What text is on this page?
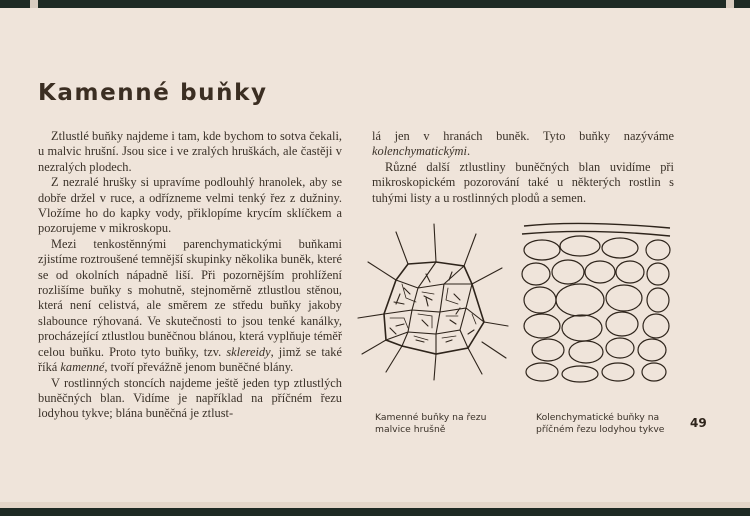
Kamenné buňky

Ztlustlé buňky najdeme i tam, kde bychom to sotva čekali, u malvic hrušní. Jsou sice i ve zralých hruškách, ale častěji v nezralých plodech.

Z nezralé hrušky si upravíme podlouhlý hranolek, aby se dobře držel v ruce, a odřízneme velmi tenký řez z dužniny. Vložíme ho do kapky vody, přiklopíme krycím sklíčkem a pozorujeme v mikroskopu.

Mezi tenkostěnnými parenchymatickými buňkami zjistíme roztroušené temnější skupinky několika buněk, které se od okolních nápadně liší. Při pozornějším prohlížení rozlišíme buňky s mohutně, stejnoměrně ztlustlou stěnou, která není celistvá, ale směrem ze středu buňky jakoby slabounce rýhovaná. Ve skutečnosti to jsou tenké kanálky, procházející ztlustlou buněčnou blánou, která vyplňuje téměř celou buňku. Proto tyto buňky, tzv. sklereidy, jimž se také říká kamenné, tvoří převážně jenom buněčné blány.

V rostlinných stoncích najdeme ještě jeden typ ztlustlých buněčných blan. Vidíme je například na příčném řezu lodyhou tykve; blána buněčná je ztlust-

lá jen v hranách buněk. Tyto buňky nazýváme kolenchymatickými.

Různé další ztlustliny buněčných blan uvidíme při mikroskopickém pozorování také u některých rostlin s tuhými listy a u rostlinných plodů a semen.

Kamenné buňky na řezu malvice hrušně

Kolenchymatické buňky na příčném řezu lodyhou tykve	49
